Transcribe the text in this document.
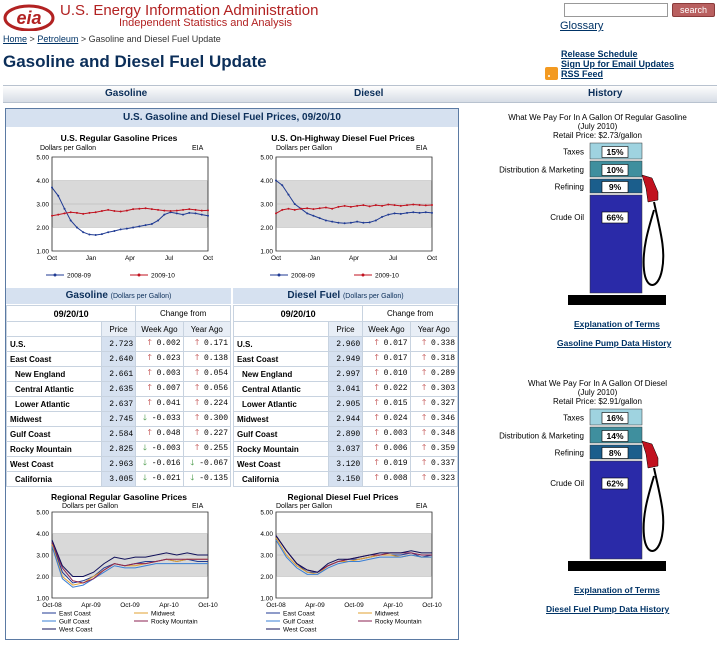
eia U.S. Energy Information Administration
Independent Statistics and Analysis
search
Glossary
Home > Petroleum > Gasoline and Diesel Fuel Update
Gasoline and Diesel Fuel Update	Release Schedule
Sign Up for Email Updates
RSS Feed
Gasoline	Diesel	History
U.S. Gasoline and Diesel Fuel Prices, 09/20/10
U.S. Regular Gasoline Prices
Dollars per Gallon	EIA
5.00
4.00
3.00
2.00
1.00
Oct	Jan	Apr	Jul	Oct
2008-09	2009-10
U.S. On-Highway Diesel Fuel Prices
Dollars per Gallon	EIA
5.00
4.00
3.00
2.00
1.00
Oct	Jan	Apr	Jul	Oct
2008-09	2009-10
Gasoline (Dollars per Gallon)	Diesel Fuel (Dollars per Gallon)
09/20/10		Change from	
	Price	Week Ago	Year Ago
U.S.	2.723	🡑 0.002	🡑 0.171
East Coast	2.640	🡑 0.023	🡑 0.138
New England	2.661	🡑 0.003	🡑 0.054
Central Atlantic	2.635	🡑 0.007	🡑 0.056
Lower Atlantic	2.637	🡑 0.041	🡑 0.224
Midwest	2.745	🡓 -0.033	🡑 0.300
Gulf Coast	2.584	🡑 0.048	🡑 0.227
Rocky Mountain	2.825	🡓 -0.003	🡑 0.255
West Coast	2.963	🡓 -0.016	🡓 -0.067
California	3.005	🡓 -0.021	🡓 -0.135
09/20/10		Change from	
	Price	Week Ago	Year Ago
U.S.	2.960	🡑 0.017	🡑 0.338
East Coast	2.949	🡑 0.017	🡑 0.318
New England	2.997	🡑 0.010	🡑 0.289
Central Atlantic	3.041	🡑 0.022	🡑 0.303
Lower Atlantic	2.905	🡑 0.015	🡑 0.327
Midwest	2.944	🡑 0.024	🡑 0.346
Gulf Coast	2.890	🡑 0.003	🡑 0.348
Rocky Mountain	3.037	🡑 0.006	🡑 0.359
West Coast	3.120	🡑 0.019	🡑 0.337
California	3.150	🡑 0.008	🡑 0.323
Regional Regular Gasoline Prices
Dollars per Gallon	EIA
5.00
4.00
3.00
2.00
1.00
Oct-08	Apr-09	Oct-09	Apr-10	Oct-10
East Coast	Midwest
Gulf Coast	Rocky Mountain
West Coast
Regional Diesel Fuel Prices
Dollars per Gallon	EIA
5.00
4.00
3.00
2.00
1.00
Oct-08	Apr-09	Oct-09	Apr-10	Oct-10
East Coast	Midwest
Gulf Coast	Rocky Mountain
West Coast
What We Pay For In A Gallon Of Regular Gasoline
(July 2010)
Retail Price: $2.73/gallon
Taxes	15%
Distribution & Marketing	10%
Refining	9%
Crude Oil	66%
Explanation of Terms
Gasoline Pump Data History
What We Pay For In A Gallon Of Diesel
(July 2010)
Retail Price: $2.91/gallon
Taxes	16%
Distribution & Marketing	14%
Refining	8%
Crude Oil	62%
Explanation of Terms
Diesel Fuel Pump Data History
